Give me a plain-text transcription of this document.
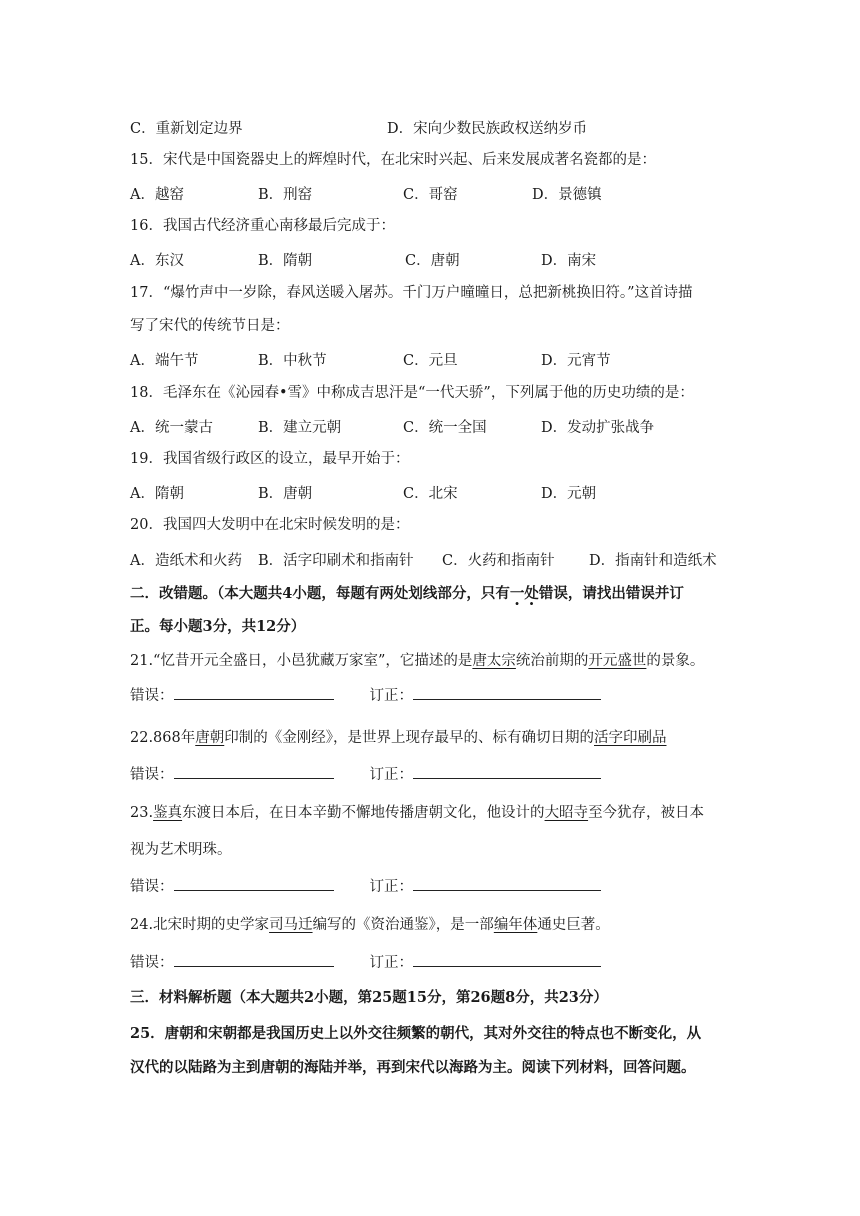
C．重新划定边界	D．宋向少数民族政权送纳岁币
15．宋代是中国瓷器史上的辉煌时代，在北宋时兴起、后来发展成著名瓷都的是：
A．越窑	B．刑窑	C．哥窑	D．景德镇
16．我国古代经济重心南移最后完成于：
A．东汉	B．隋朝	C．唐朝	D．南宋
17．“爆竹声中一岁除，春风送暖入屠苏。千门万户曈曈日，总把新桃换旧符。”这首诗描
写了宋代的传统节日是：
A．端午节	B．中秋节	C．元旦	D．元宵节
18．毛泽东在《沁园春•雪》中称成吉思汗是“一代天骄”，下列属于他的历史功绩的是：
A．统一蒙古	B．建立元朝	C．统一全国	D．发动扩张战争
19．我国省级行政区的设立，最早开始于：
A．隋朝	B．唐朝	C．北宋	D．元朝
20．我国四大发明中在北宋时候发明的是：
A．造纸术和火药 B．活字印刷术和指南针 C．火药和指南针 D．指南针和造纸术
二．改错题。（本大题共4小题，每题有两处划线部分，只有一处错误，请找出错误并订
正。每小题3分，共12分）
21.“忆昔开元全盛日，小邑犹藏万家室”，它描述的是唐太宗统治前期的开元盛世的景象。
错误：	订正：
22.868年唐朝印制的《金刚经》，是世界上现存最早的、标有确切日期的活字印刷品
错误：	订正：
23.鉴真东渡日本后，在日本辛勤不懈地传播唐朝文化，他设计的大昭寺至今犹存，被日本
视为艺术明珠。
错误：	订正：
24.北宋时期的史学家司马迁编写的《资治通鉴》，是一部编年体通史巨著。
错误：	订正：
三．材料解析题（本大题共2小题，第25题15分，第26题8分，共23分）
25．唐朝和宋朝都是我国历史上以外交往频繁的朝代，其对外交往的特点也不断变化，从
汉代的以陆路为主到唐朝的海陆并举，再到宋代以海路为主。阅读下列材料，回答问题。
